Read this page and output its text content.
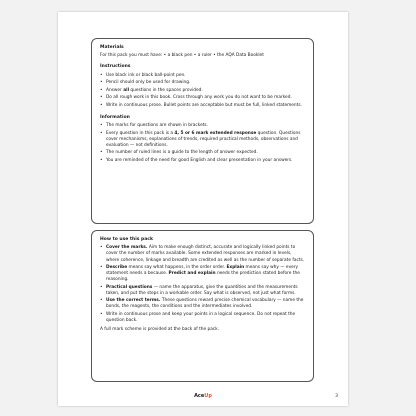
Materials

For this pack you must have: • a black pen • a ruler • the AQA Data Booklet

Instructions
• Use black ink or black ball-point pen.
• Pencil should only be used for drawing.
• Answer all questions in the spaces provided.
• Do all rough work in this book. Cross through any work you do not want to be marked.
• Write in continuous prose. Bullet points are acceptable but must be full, linked statements.
Information
• The marks for questions are shown in brackets.
• Every question in this pack is a 4, 5 or 6 mark extended response question. Questions cover mechanisms, explanations of trends, required practical methods, observations and evaluation — not definitions.
• The number of ruled lines is a guide to the length of answer expected.
• You are reminded of the need for good English and clear presentation in your answers.
How to use this pack
• Cover the marks. Aim to make enough distinct, accurate and logically linked points to cover the number of marks available. Some extended responses are marked in levels, where coherence, linkage and breadth are credited as well as the number of separate facts.
• Describe means say what happens, in the order order. Explain means say why — every statement needs a because. Predict and explain needs the prediction stated before the reasoning.
• Practical questions — name the apparatus, give the quantities and the measurements taken, and put the steps in a workable order. Say what is observed, not just what forms.
• Use the correct terms. These questions reward precise chemical vocabulary — name the bonds, the reagents, the conditions and the intermediates involved.
• Write in continuous prose and keep your points in a logical sequence. Do not repeat the question back.

A full mark scheme is provided at the back of the pack.

AceUp	3
